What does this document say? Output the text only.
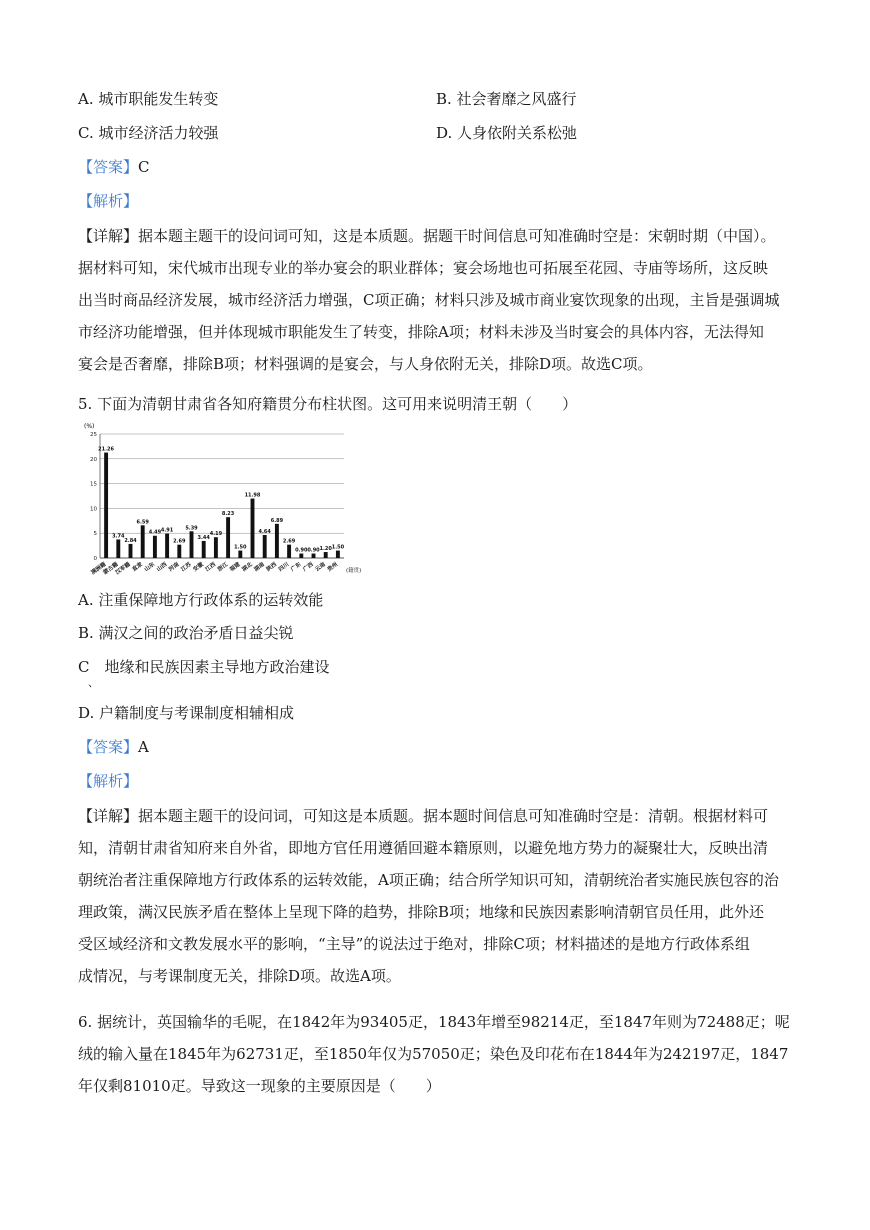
A. 城市职能发生转变	B. 社会奢靡之风盛行
C. 城市经济活力较强	D. 人身依附关系松弛
【答案】C
【解析】
【详解】据本题主题干的设问词可知，这是本质题。据题干时间信息可知准确时空是：宋朝时期（中国）。
据材料可知，宋代城市出现专业的举办宴会的职业群体；宴会场地也可拓展至花园、寺庙等场所，这反映
出当时商品经济发展，城市经济活力增强，C项正确；材料只涉及城市商业宴饮现象的出现，主旨是强调城
市经济功能增强，但并体现城市职能发生了转变，排除A项；材料未涉及当时宴会的具体内容，无法得知
宴会是否奢靡，排除B项；材料强调的是宴会，与人身依附无关，排除D项。故选C项。
5. 下面为清朝甘肃省各知府籍贯分布柱状图。这可用来说明清王朝（　　）
(%)
0
5
10
15
20
25
21.26
满洲籍
3.74
蒙古籍
2.84
汉军籍
6.59
直隶
4.49
山东
4.91
山西
2.69
河南
5.39
江苏
3.44
安徽
4.19
江西
8.23
浙江
1.50
福建
11.98
湖北
4.64
湖南
6.89
陕西
2.69
四川
0.90
广东
0.90
广西
1.20
云南
1.50
贵州 (籍贯)
A. 注重保障地方行政体系的运转效能
B. 满汉之间的政治矛盾日益尖锐
C　地缘和民族因素主导地方政治建设
、
D. 户籍制度与考课制度相辅相成
【答案】A
【解析】
【详解】据本题主题干的设问词，可知这是本质题。据本题时间信息可知准确时空是：清朝。根据材料可
知，清朝甘肃省知府来自外省，即地方官任用遵循回避本籍原则，以避免地方势力的凝聚壮大，反映出清
朝统治者注重保障地方行政体系的运转效能，A项正确；结合所学知识可知，清朝统治者实施民族包容的治
理政策，满汉民族矛盾在整体上呈现下降的趋势，排除B项；地缘和民族因素影响清朝官员任用，此外还
受区域经济和文教发展水平的影响，“主导”的说法过于绝对，排除C项；材料描述的是地方行政体系组
成情况，与考课制度无关，排除D项。故选A项。
6. 据统计，英国输华的毛呢，在1842年为93405疋，1843年增至98214疋，至1847年则为72488疋；呢
绒的输入量在1845年为62731疋，至1850年仅为57050疋；染色及印花布在1844年为242197疋，1847
年仅剩81010疋。导致这一现象的主要原因是（　　）
